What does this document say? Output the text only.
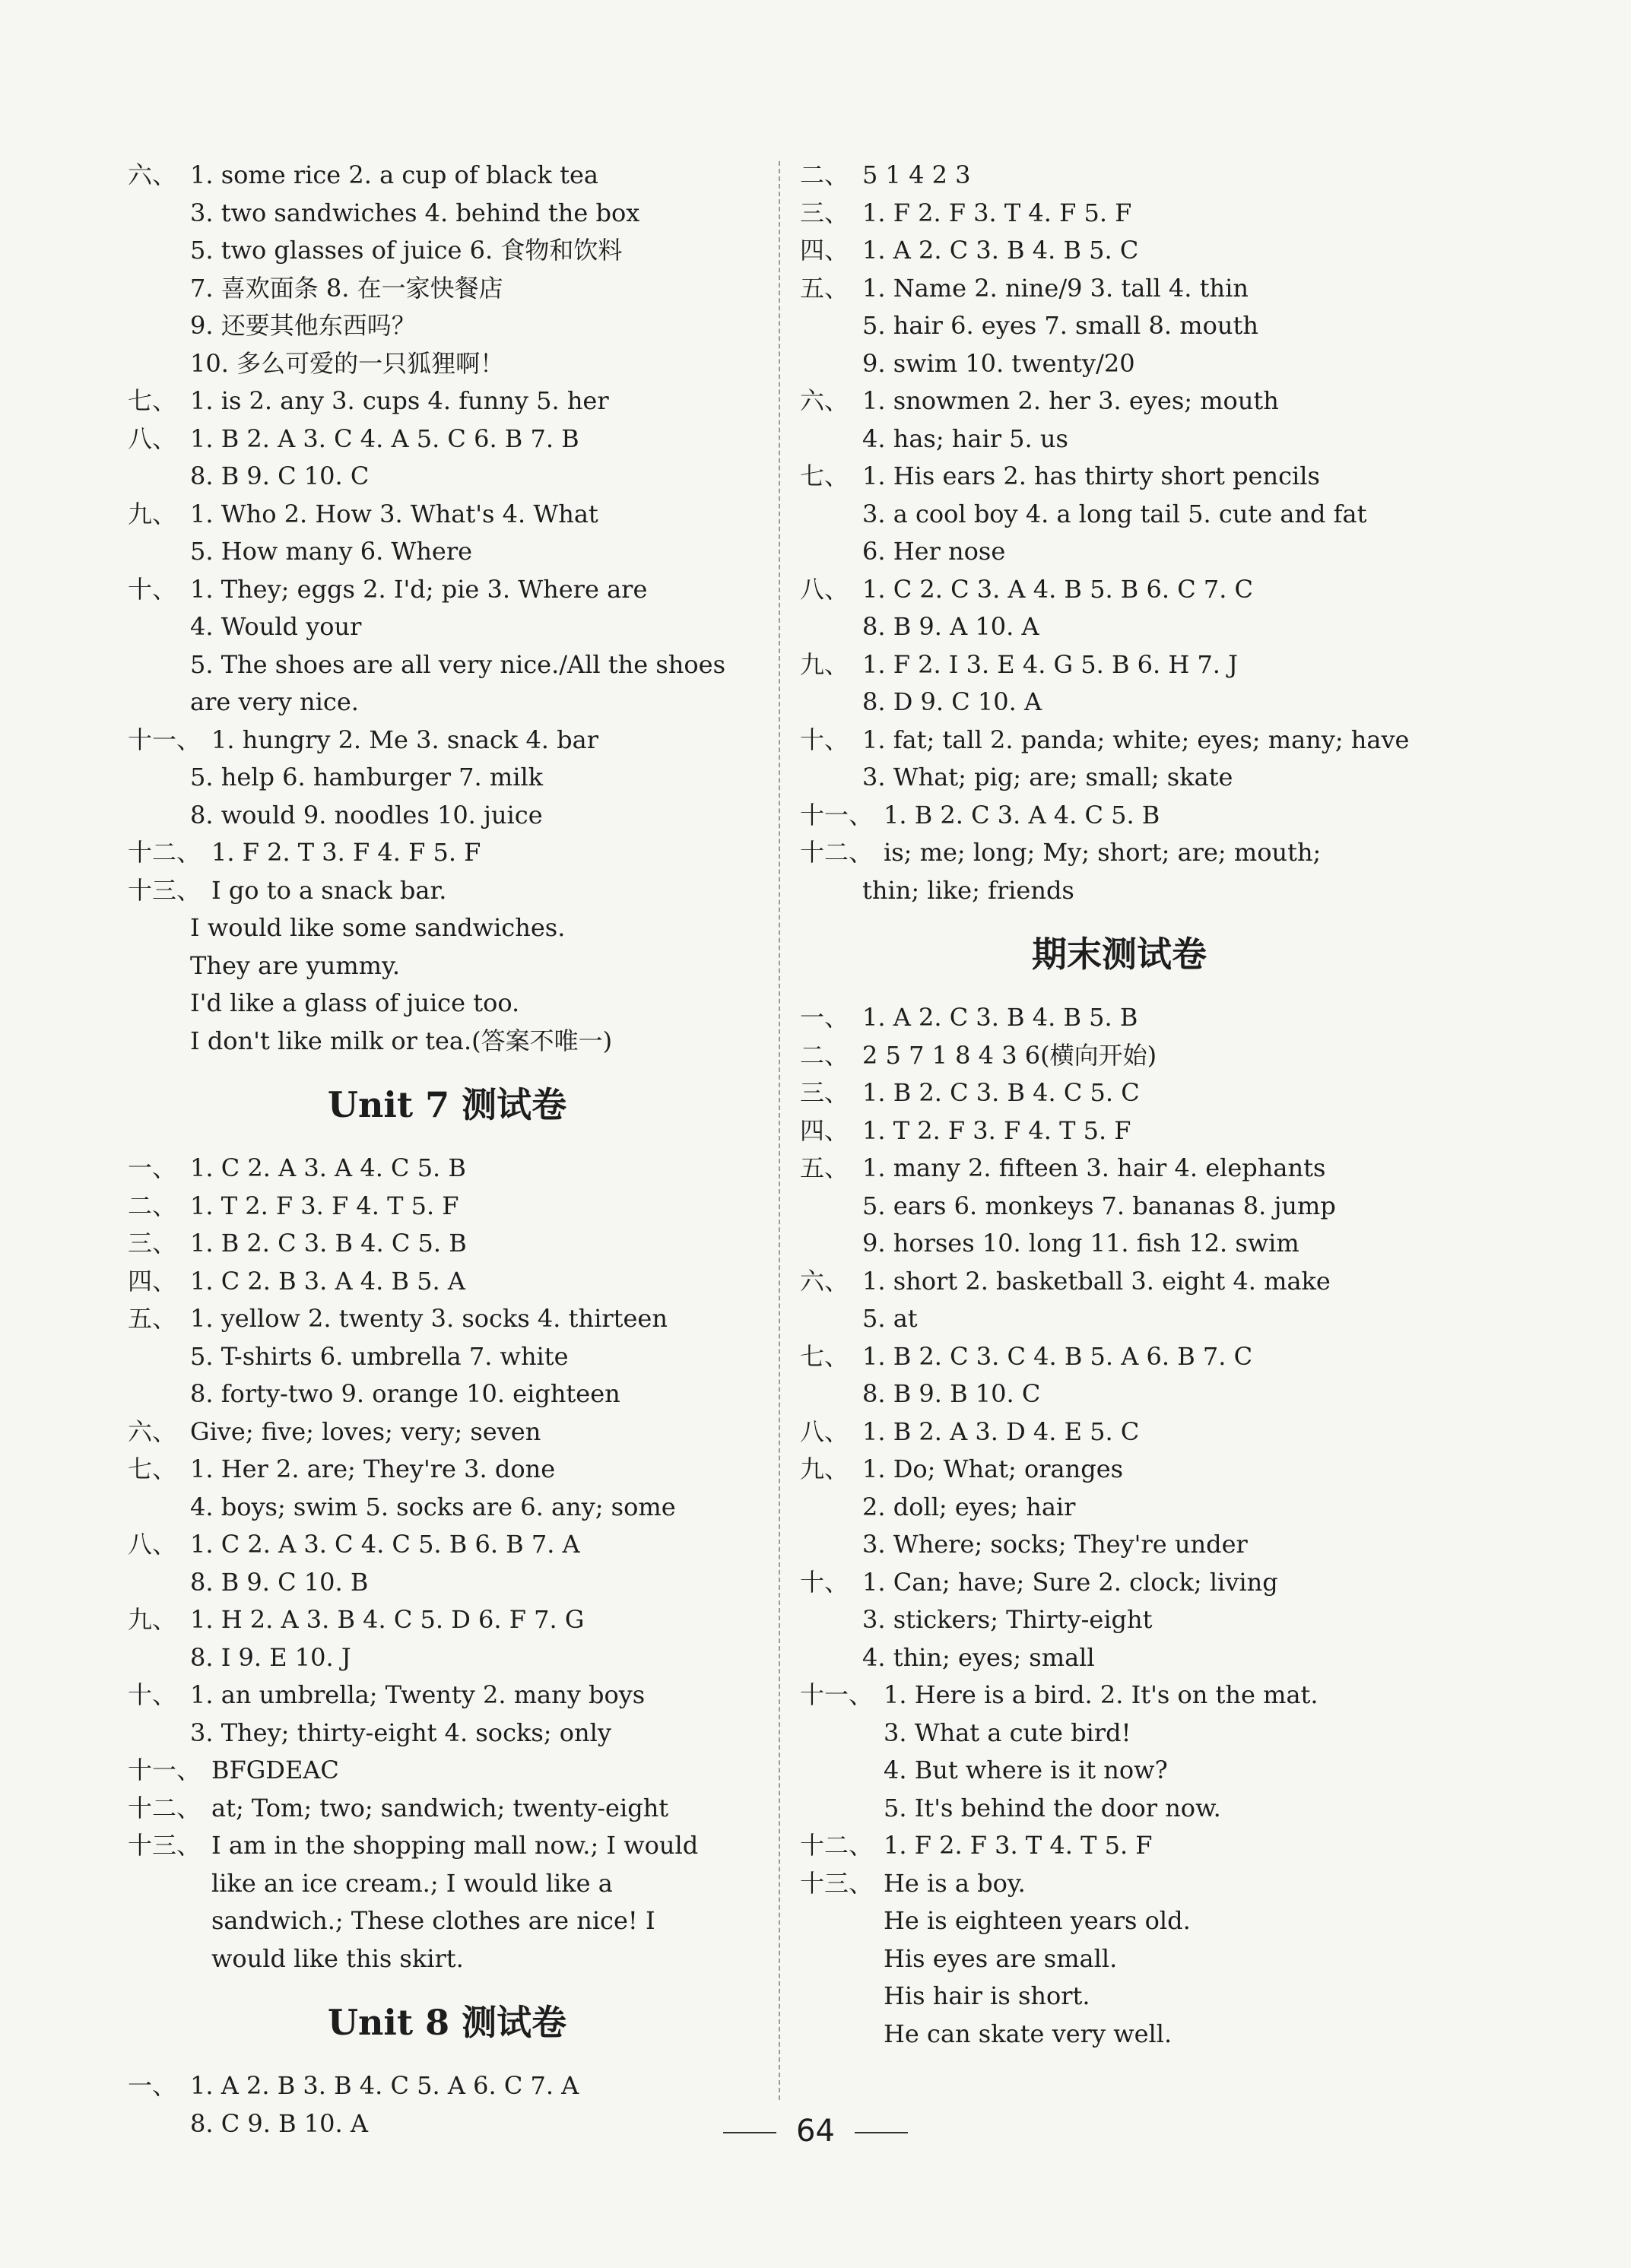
六、 1. some rice 2. a cup of black tea
3. two sandwiches 4. behind the box
5. two glasses of juice 6. 食物和饮料
7. 喜欢面条 8. 在一家快餐店
9. 还要其他东西吗？
10. 多么可爱的一只狐狸啊！
七、 1. is 2. any 3. cups 4. funny 5. her
八、 1. B 2. A 3. C 4. A 5. C 6. B 7. B
8. B 9. C 10. C
九、 1. Who 2. How 3. What's 4. What
5. How many 6. Where
十、 1. They; eggs 2. I'd; pie 3. Where are
4. Would your
5. The shoes are all very nice./All the shoes
are very nice.
十一、 1. hungry 2. Me 3. snack 4. bar
5. help 6. hamburger 7. milk
8. would 9. noodles 10. juice
十二、 1. F 2. T 3. F 4. F 5. F
十三、 I go to a snack bar.
I would like some sandwiches.
They are yummy.
I'd like a glass of juice too.
I don't like milk or tea.(答案不唯一)
Unit 7 测试卷
一、 1. C 2. A 3. A 4. C 5. B
二、 1. T 2. F 3. F 4. T 5. F
三、 1. B 2. C 3. B 4. C 5. B
四、 1. C 2. B 3. A 4. B 5. A
五、 1. yellow 2. twenty 3. socks 4. thirteen
5. T-shirts 6. umbrella 7. white
8. forty-two 9. orange 10. eighteen
六、 Give; five; loves; very; seven
七、 1. Her 2. are; They're 3. done
4. boys; swim 5. socks are 6. any; some
八、 1. C 2. A 3. C 4. C 5. B 6. B 7. A
8. B 9. C 10. B
九、 1. H 2. A 3. B 4. C 5. D 6. F 7. G
8. I 9. E 10. J
十、 1. an umbrella; Twenty 2. many boys
3. They; thirty-eight 4. socks; only
十一、 BFGDEAC
十二、 at; Tom; two; sandwich; twenty-eight
十三、 I am in the shopping mall now.; I would
like an ice cream.; I would like a
sandwich.; These clothes are nice! I
would like this skirt.
Unit 8 测试卷
一、 1. A 2. B 3. B 4. C 5. A 6. C 7. A
8. C 9. B 10. A
二、 5 1 4 2 3
三、 1. F 2. F 3. T 4. F 5. F
四、 1. A 2. C 3. B 4. B 5. C
五、 1. Name 2. nine/9 3. tall 4. thin
5. hair 6. eyes 7. small 8. mouth
9. swim 10. twenty/20
六、 1. snowmen 2. her 3. eyes; mouth
4. has; hair 5. us
七、 1. His ears 2. has thirty short pencils
3. a cool boy 4. a long tail 5. cute and fat
6. Her nose
八、 1. C 2. C 3. A 4. B 5. B 6. C 7. C
8. B 9. A 10. A
九、 1. F 2. I 3. E 4. G 5. B 6. H 7. J
8. D 9. C 10. A
十、 1. fat; tall 2. panda; white; eyes; many; have
3. What; pig; are; small; skate
十一、 1. B 2. C 3. A 4. C 5. B
十二、 is; me; long; My; short; are; mouth;
thin; like; friends
期末测试卷
一、 1. A 2. C 3. B 4. B 5. B
二、 2 5 7 1 8 4 3 6(横向开始)
三、 1. B 2. C 3. B 4. C 5. C
四、 1. T 2. F 3. F 4. T 5. F
五、 1. many 2. fifteen 3. hair 4. elephants
5. ears 6. monkeys 7. bananas 8. jump
9. horses 10. long 11. fish 12. swim
六、 1. short 2. basketball 3. eight 4. make
5. at
七、 1. B 2. C 3. C 4. B 5. A 6. B 7. C
8. B 9. B 10. C
八、 1. B 2. A 3. D 4. E 5. C
九、 1. Do; What; oranges
2. doll; eyes; hair
3. Where; socks; They're under
十、 1. Can; have; Sure 2. clock; living
3. stickers; Thirty-eight
4. thin; eyes; small
十一、 1. Here is a bird. 2. It's on the mat.
3. What a cute bird!
4. But where is it now?
5. It's behind the door now.
十二、 1. F 2. F 3. T 4. T 5. F
十三、 He is a boy.
He is eighteen years old.
His eyes are small.
His hair is short.
He can skate very well.
64
